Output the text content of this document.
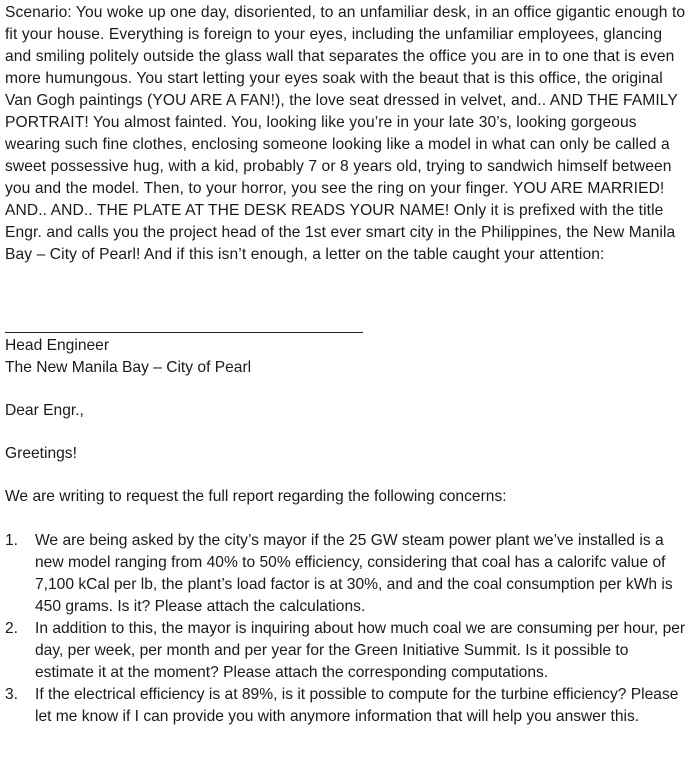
Scenario: You woke up one day, disoriented, to an unfamiliar desk, in an office gigantic enough to fit your house. Everything is foreign to your eyes, including the unfamiliar employees, glancing and smiling politely outside the glass wall that separates the office you are in to one that is even more humungous. You start letting your eyes soak with the beaut that is this office, the original Van Gogh paintings (YOU ARE A FAN!), the love seat dressed in velvet, and.. AND THE FAMILY PORTRAIT! You almost fainted. You, looking like you’re in your late 30’s, looking gorgeous wearing such fine clothes, enclosing someone looking like a model in what can only be called a sweet possessive hug, with a kid, probably 7 or 8 years old, trying to sandwich himself between you and the model. Then, to your horror, you see the ring on your finger. YOU ARE MARRIED! AND.. AND.. THE PLATE AT THE DESK READS YOUR NAME! Only it is prefixed with the title Engr. and calls you the project head of the 1st ever smart city in the Philippines, the New Manila Bay – City of Pearl! And if this isn’t enough, a letter on the table caught your attention:

Head Engineer

The New Manila Bay – City of Pearl

Dear Engr.,

Greetings!

We are writing to request the full report regarding the following concerns:

1.	We are being asked by the city’s mayor if the 25 GW steam power plant we’ve installed is a new model ranging from 40% to 50% efficiency, considering that coal has a calorifc value of 7,100 kCal per lb, the plant’s load factor is at 30%, and and the coal consumption per kWh is 450 grams. Is it? Please attach the calculations.
2.	In addition to this, the mayor is inquiring about how much coal we are consuming per hour, per day, per week, per month and per year for the Green Initiative Summit. Is it possible to estimate it at the moment? Please attach the corresponding computations.
3.	If the electrical efficiency is at 89%, is it possible to compute for the turbine efficiency? Please let me know if I can provide you with anymore information that will help you answer this.
